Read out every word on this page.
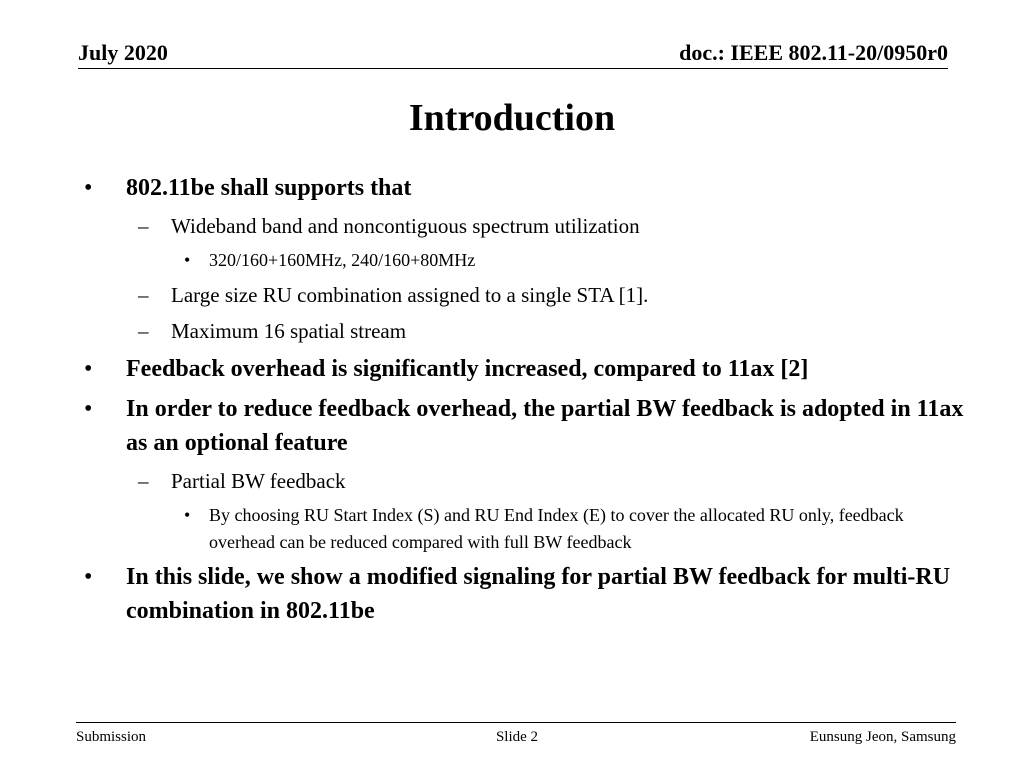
July 2020	doc.: IEEE 802.11-20/0950r0
Introduction
•	802.11be shall supports that
– Wideband band and noncontiguous spectrum utilization
• 320/160+160MHz, 240/160+80MHz
– Large size RU combination assigned to a single STA [1].
– Maximum 16 spatial stream
•	Feedback overhead is significantly increased, compared to 11ax [2]
•	In order to reduce feedback overhead, the partial BW feedback is adopted in 11ax as an optional feature
– Partial BW feedback
• By choosing RU Start Index (S) and RU End Index (E) to cover the allocated RU only, feedback overhead can be reduced compared with full BW feedback
•	In this slide, we show a modified signaling for partial BW feedback for multi-RU combination in 802.11be
Submission	Slide 2	Eunsung Jeon, Samsung
